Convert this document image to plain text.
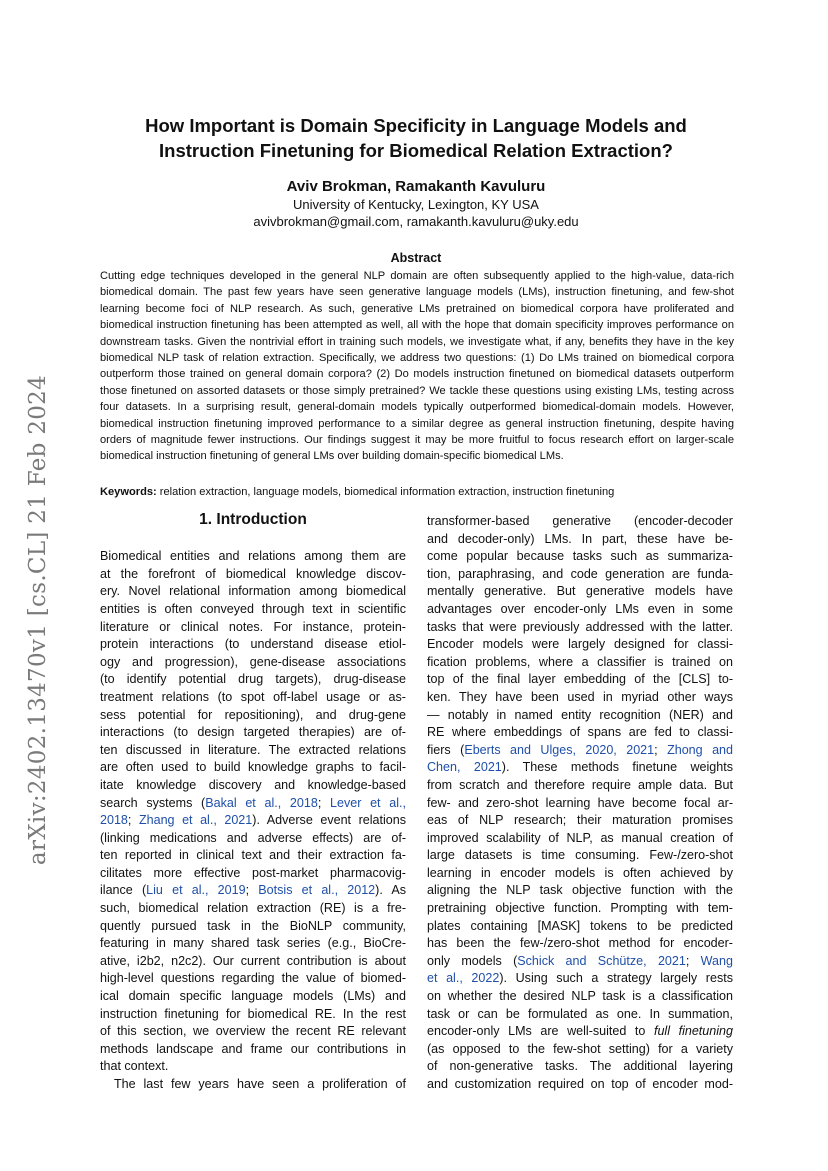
arXiv:2402.13470v1 [cs.CL] 21 Feb 2024
How Important is Domain Specificity in Language Models and
Instruction Finetuning for Biomedical Relation Extraction?
Aviv Brokman, Ramakanth Kavuluru
University of Kentucky, Lexington, KY USA
avivbrokman@gmail.com, ramakanth.kavuluru@uky.edu
Abstract
Cutting edge techniques developed in the general NLP domain are often subsequently applied to the high-value, data-rich biomedical domain. The past few years have seen generative language models (LMs), instruction finetuning, and few-shot learning become foci of NLP research. As such, generative LMs pretrained on biomedical corpora have proliferated and biomedical instruction finetuning has been attempted as well, all with the hope that domain specificity improves performance on downstream tasks. Given the nontrivial effort in training such models, we investigate what, if any, benefits they have in the key biomedical NLP task of relation extraction. Specifically, we address two questions: (1) Do LMs trained on biomedical corpora outperform those trained on general domain corpora? (2) Do models instruction finetuned on biomedical datasets outperform those finetuned on assorted datasets or those simply pretrained? We tackle these questions using existing LMs, testing across four datasets. In a surprising result, general-domain models typically outperformed biomedical-domain models. However, biomedical instruction finetuning improved performance to a similar degree as general instruction finetuning, despite having orders of magnitude fewer instructions. Our findings suggest it may be more fruitful to focus research effort on larger-scale biomedical instruction finetuning of general LMs over building domain-specific biomedical LMs.
Keywords: relation extraction, language models, biomedical information extraction, instruction finetuning
1. Introduction
Biomedical entities and relations among them are
at the forefront of biomedical knowledge discov-
ery. Novel relational information among biomedical
entities is often conveyed through text in scientific
literature or clinical notes. For instance, protein-
protein interactions (to understand disease etiol-
ogy and progression), gene-disease associations
(to identify potential drug targets), drug-disease
treatment relations (to spot off-label usage or as-
sess potential for repositioning), and drug-gene
interactions (to design targeted therapies) are of-
ten discussed in literature. The extracted relations
are often used to build knowledge graphs to facil-
itate knowledge discovery and knowledge-based
search systems (Bakal et al., 2018; Lever et al.,
2018; Zhang et al., 2021). Adverse event relations
(linking medications and adverse effects) are of-
ten reported in clinical text and their extraction fa-
cilitates more effective post-market pharmacovig-
ilance (Liu et al., 2019; Botsis et al., 2012). As
such, biomedical relation extraction (RE) is a fre-
quently pursued task in the BioNLP community,
featuring in many shared task series (e.g., BioCre-
ative, i2b2, n2c2). Our current contribution is about
high-level questions regarding the value of biomed-
ical domain specific language models (LMs) and
instruction finetuning for biomedical RE. In the rest
of this section, we overview the recent RE relevant
methods landscape and frame our contributions in
that context.
The last few years have seen a proliferation of
transformer-based generative (encoder-decoder
and decoder-only) LMs. In part, these have be-
come popular because tasks such as summariza-
tion, paraphrasing, and code generation are funda-
mentally generative. But generative models have
advantages over encoder-only LMs even in some
tasks that were previously addressed with the latter.
Encoder models were largely designed for classi-
fication problems, where a classifier is trained on
top of the final layer embedding of the [CLS] to-
ken. They have been used in myriad other ways
— notably in named entity recognition (NER) and
RE where embeddings of spans are fed to classi-
fiers (Eberts and Ulges, 2020, 2021; Zhong and
Chen, 2021). These methods finetune weights
from scratch and therefore require ample data. But
few- and zero-shot learning have become focal ar-
eas of NLP research; their maturation promises
improved scalability of NLP, as manual creation of
large datasets is time consuming. Few-/zero-shot
learning in encoder models is often achieved by
aligning the NLP task objective function with the
pretraining objective function. Prompting with tem-
plates containing [MASK] tokens to be predicted
has been the few-/zero-shot method for encoder-
only models (Schick and Schütze, 2021; Wang
et al., 2022). Using such a strategy largely rests
on whether the desired NLP task is a classification
task or can be formulated as one. In summation,
encoder-only LMs are well-suited to full finetuning
(as opposed to the few-shot setting) for a variety
of non-generative tasks. The additional layering
and customization required on top of encoder mod-
